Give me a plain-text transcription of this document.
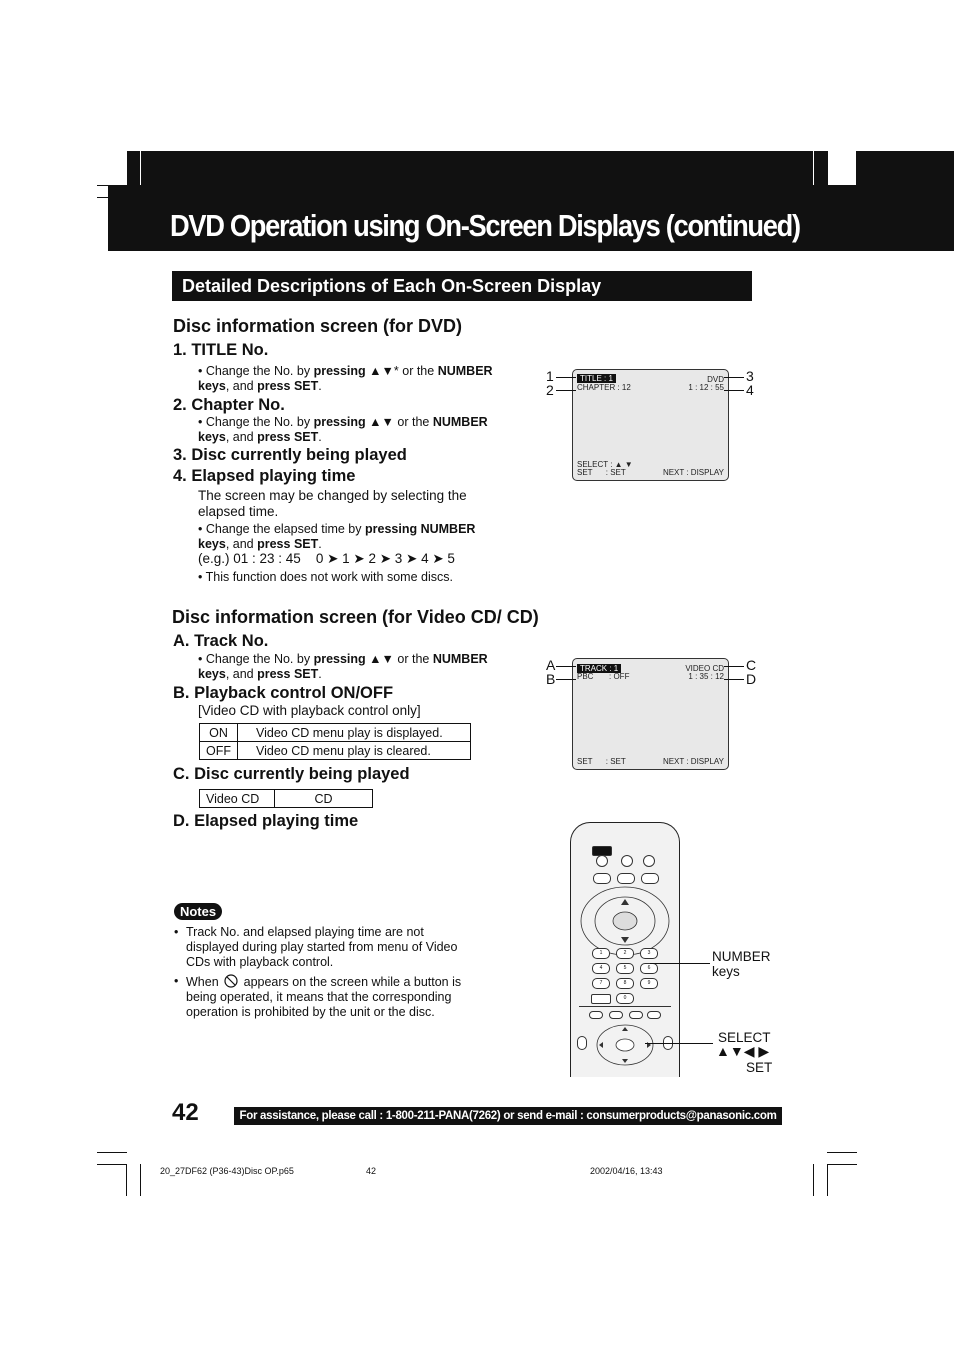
DVD Operation using On-Screen Displays (continued)
Detailed Descriptions of Each On-Screen Display
Disc information screen (for DVD)
1. TITLE No.
• Change the No. by pressing ▲▼* or the NUMBER keys, and press SET.
2. Chapter No.
• Change the No. by pressing ▲▼ or the NUMBER keys, and press SET.
3. Disc currently being played
4. Elapsed playing time
The screen may be changed by selecting the elapsed time.
• Change the elapsed time by pressing NUMBER keys, and press SET.
(e.g.) 01 : 23 : 45    0 ➤ 1 ➤ 2 ➤ 3 ➤ 4 ➤ 5
• This function does not work with some discs.
TITLE : 1
CHAPTER : 12
DVD
1 : 12 : 55
SELECT : ▲ ▼
SET      : SET	NEXT : DISPLAY
1
2
3
4
Disc information screen (for Video CD/ CD)
A. Track No.
• Change the No. by pressing ▲▼ or the NUMBER keys, and press SET.
B. Playback control ON/OFF
[Video CD with playback control only]
ON	Video CD menu play is displayed.
OFF	Video CD menu play is cleared.
C. Disc currently being played
Video CD	CD
D. Elapsed playing time
TRACK : 1
PBC       : OFF
VIDEO CD
1 : 35 : 12
SET      : SET	NEXT : DISPLAY
A
B
C
D
Notes
• Track No. and elapsed playing time are not displayed during play started from menu of Video CDs with playback control.
• When appears on the screen while a button is being operated, it means that the corresponding operation is prohibited by the unit or the disc.
1	2	3
4	5	6
7	8	9
0
NUMBER keys
SELECT
▲▼◀ ▶
SET
42	For assistance, please call : 1-800-211-PANA(7262) or send e-mail : consumerproducts@panasonic.com
20_27DF62 (P36-43)Disc OP.p65	42	2002/04/16, 13:43
